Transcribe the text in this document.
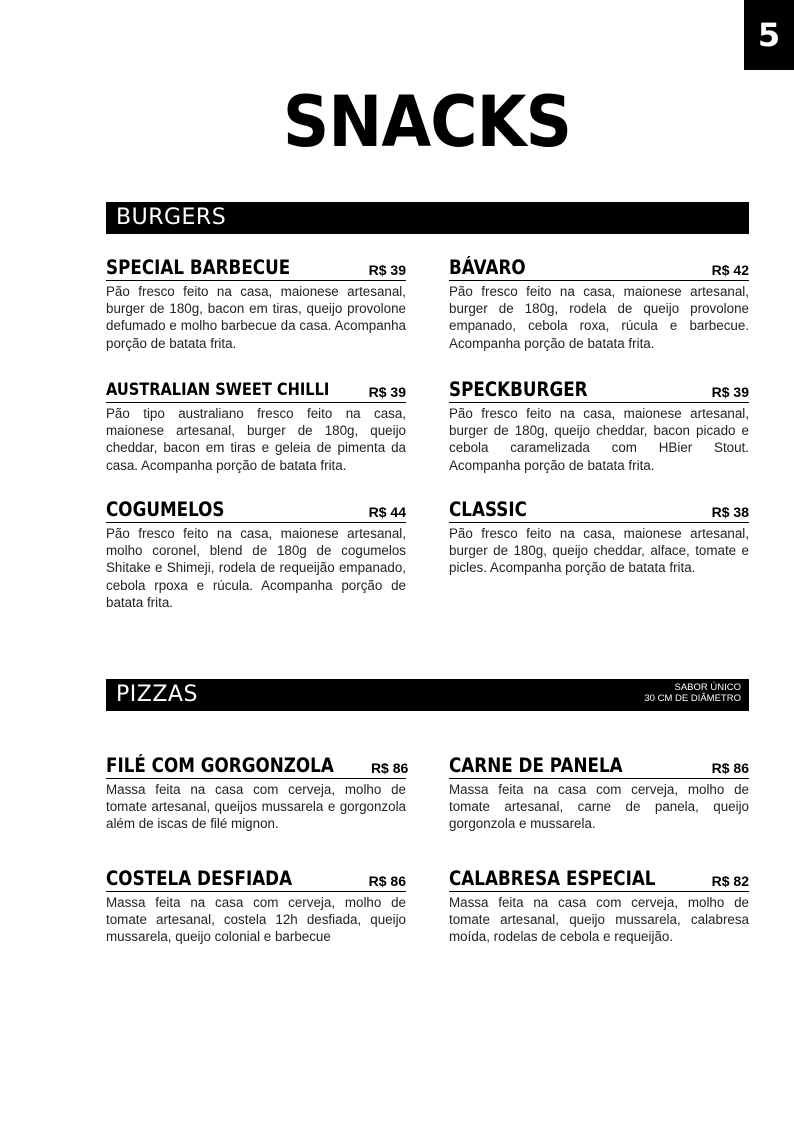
5
SNACKS
BURGERS
SPECIAL BARBECUE	R$ 39
Pão fresco feito na casa, maionese artesanal, burger de 180g, bacon em tiras, queijo provolone defumado e molho barbecue da casa. Acompanha porção de batata frita.
BÁVARO	R$ 42
Pão fresco feito na casa, maionese artesanal, burger de 180g, rodela de queijo provolone empanado, cebola roxa, rúcula e barbecue. Acompanha porção de batata frita.
AUSTRALIAN SWEET CHILLI	R$ 39
Pão tipo australiano fresco feito na casa, maionese artesanal, burger de 180g, queijo cheddar, bacon em tiras e geleia de pimenta da casa. Acompanha porção de batata frita.
SPECKBURGER	R$ 39
Pão fresco feito na casa, maionese artesanal, burger de 180g, queijo cheddar, bacon picado e cebola caramelizada com HBier Stout. Acompanha porção de batata frita.
COGUMELOS	R$ 44
Pão fresco feito na casa, maionese artesanal, molho coronel, blend de 180g de cogumelos Shitake e Shimeji, rodela de requeijão empanado, cebola rpoxa e rúcula. Acompanha porção de batata frita.
CLASSIC	R$ 38
Pão fresco feito na casa, maionese artesanal, burger de 180g, queijo cheddar, alface, tomate e picles. Acompanha porção de batata frita.
PIZZAS	SABOR ÚNICO
30 CM DE DIÂMETRO
FILÉ COM GORGONZOLA	R$ 86
Massa feita na casa com cerveja, molho de tomate artesanal, queijos mussarela e gorgonzola além de iscas de filé mignon.
CARNE DE PANELA	R$ 86
Massa feita na casa com cerveja, molho de tomate artesanal, carne de panela, queijo gorgonzola e mussarela.
COSTELA DESFIADA	R$ 86
Massa feita na casa com cerveja, molho de tomate artesanal, costela 12h desfiada, queijo mussarela, queijo colonial e barbecue
CALABRESA ESPECIAL	R$ 82
Massa feita na casa com cerveja, molho de tomate artesanal, queijo mussarela, calabresa moída, rodelas de cebola e requeijão.
